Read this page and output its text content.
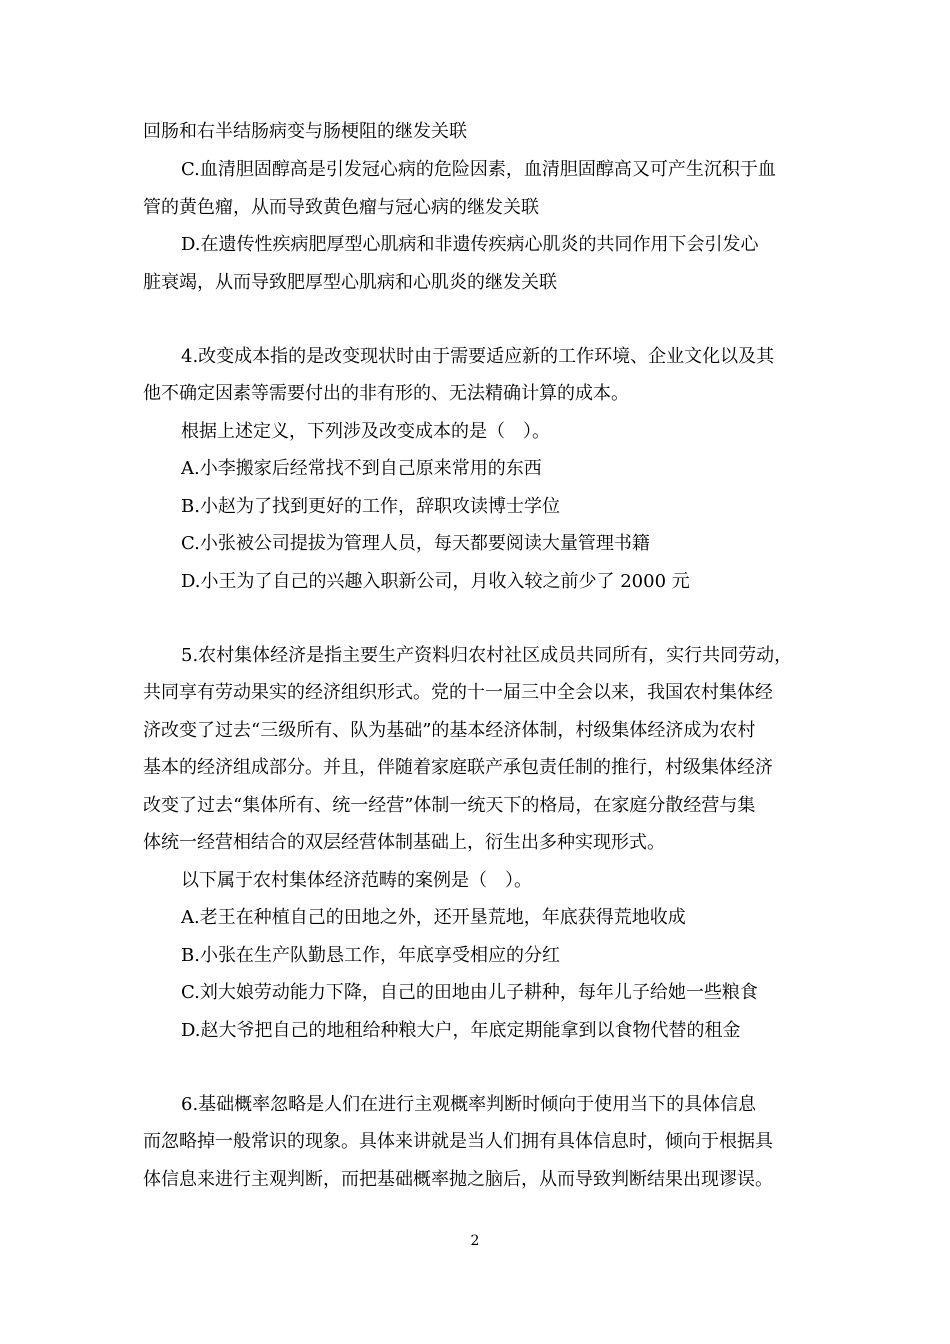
回肠和右半结肠病变与肠梗阻的继发关联
C.血清胆固醇高是引发冠心病的危险因素，血清胆固醇高又可产生沉积于血
管的黄色瘤，从而导致黄色瘤与冠心病的继发关联
D.在遗传性疾病肥厚型心肌病和非遗传疾病心肌炎的共同作用下会引发心
脏衰竭，从而导致肥厚型心肌病和心肌炎的继发关联
4.改变成本指的是改变现状时由于需要适应新的工作环境、企业文化以及其
他不确定因素等需要付出的非有形的、无法精确计算的成本。
根据上述定义，下列涉及改变成本的是（　）。
A.小李搬家后经常找不到自己原来常用的东西
B.小赵为了找到更好的工作，辞职攻读博士学位
C.小张被公司提拔为管理人员，每天都要阅读大量管理书籍
D.小王为了自己的兴趣入职新公司，月收入较之前少了 2000 元
5.农村集体经济是指主要生产资料归农村社区成员共同所有，实行共同劳动，
共同享有劳动果实的经济组织形式。党的十一届三中全会以来，我国农村集体经
济改变了过去“三级所有、队为基础”的基本经济体制，村级集体经济成为农村
基本的经济组成部分。并且，伴随着家庭联产承包责任制的推行，村级集体经济
改变了过去“集体所有、统一经营”体制一统天下的格局，在家庭分散经营与集
体统一经营相结合的双层经营体制基础上，衍生出多种实现形式。
以下属于农村集体经济范畴的案例是（　）。
A.老王在种植自己的田地之外，还开垦荒地，年底获得荒地收成
B.小张在生产队勤恳工作，年底享受相应的分红
C.刘大娘劳动能力下降，自己的田地由儿子耕种，每年儿子给她一些粮食
D.赵大爷把自己的地租给种粮大户，年底定期能拿到以食物代替的租金
6.基础概率忽略是人们在进行主观概率判断时倾向于使用当下的具体信息
而忽略掉一般常识的现象。具体来讲就是当人们拥有具体信息时，倾向于根据具
体信息来进行主观判断，而把基础概率抛之脑后，从而导致判断结果出现谬误。
2
